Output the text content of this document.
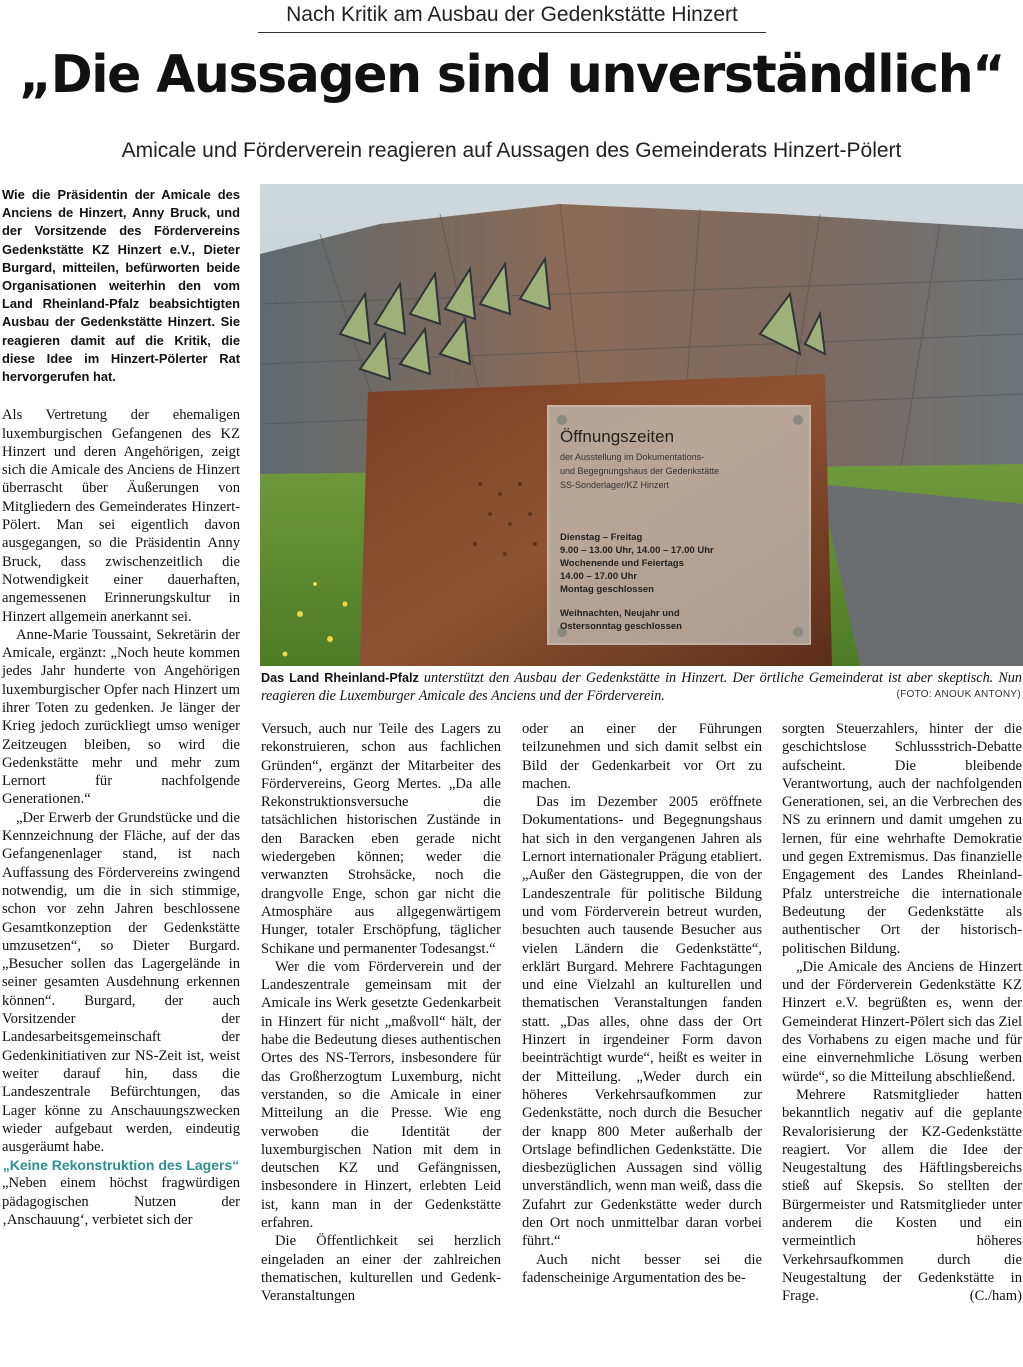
Nach Kritik am Ausbau der Gedenkstätte Hinzert
„Die Aussagen sind unverständlich“
Amicale und Förderverein reagieren auf Aussagen des Gemeinderats Hinzert-Pölert
Öffnungszeiten
der Ausstellung im Dokumentations-
und Begegnungshaus der Gedenkstätte
SS-Sonderlager/KZ Hinzert
Dienstag – Freitag
9.00 – 13.00 Uhr, 14.00 – 17.00 Uhr
Wochenende und Feiertags
14.00 – 17.00 Uhr
Montag geschlossen
Weihnachten, Neujahr und
Ostersonntag geschlossen
Das Land Rheinland-Pfalz unterstützt den Ausbau der Gedenkstätte in Hinzert. Der örtliche Gemeinderat ist aber skeptisch. Nun reagieren die Luxemburger Amicale des Anciens und der Förderverein.	(FOTO: ANOUK ANTONY)

Wie die Präsidentin der Amicale des Anciens de Hinzert, Anny Bruck, und der Vorsitzende des Fördervereins Gedenkstätte KZ Hinzert e.V., Dieter Burgard, mitteilen, befürworten beide Organisationen weiterhin den vom Land Rheinland-Pfalz beabsichtigten Ausbau der Gedenkstätte Hinzert. Sie reagieren damit auf die Kritik, die diese Idee im Hinzert-Pölerter Rat hervorgerufen hat.

Als Vertretung der ehemaligen luxemburgischen Gefangenen des KZ Hinzert und deren Angehörigen, zeigt sich die Amicale des Anciens de Hinzert überrascht über Äußerungen von Mitgliedern des Gemeinderates Hinzert-Pölert. Man sei eigentlich davon ausgegangen, so die Präsidentin Anny Bruck, dass zwischenzeitlich die Notwendigkeit einer dauerhaften, angemessenen Erinnerungskultur in Hinzert allgemein anerkannt sei.

Anne-Marie Toussaint, Sekretärin der Amicale, ergänzt: „Noch heute kommen jedes Jahr hunderte von Angehörigen luxemburgischer Opfer nach Hinzert um ihrer Toten zu gedenken. Je länger der Krieg jedoch zurückliegt umso weniger Zeitzeugen bleiben, so wird die Gedenkstätte mehr und mehr zum Lernort für nachfolgende Generationen.“

„Der Erwerb der Grundstücke und die Kennzeichnung der Fläche, auf der das Gefangenenlager stand, ist nach Auffassung des Fördervereins zwingend notwendig, um die in sich stimmige, schon vor zehn Jahren beschlossene Gesamtkonzeption der Gedenkstätte umzusetzen“, so Dieter Burgard. „Besucher sollen das Lagergelände in seiner gesamten Ausdehnung erkennen können“. Burgard, der auch Vorsitzender der Landesarbeitsgemeinschaft der Gedenkinitiativen zur NS-Zeit ist, weist weiter darauf hin, dass die Landeszentrale Befürchtungen, das Lager könne zu Anschauungszwecken wieder aufgebaut werden, eindeutig ausgeräumt habe.

„Keine Rekonstruktion des Lagers“

„Neben einem höchst fragwürdigen pädagogischen Nutzen der ‚Anschauung‘, verbietet sich der

Versuch, auch nur Teile des Lagers zu rekonstruieren, schon aus fachlichen Gründen“, ergänzt der Mitarbeiter des Fördervereins, Georg Mertes. „Da alle Rekonstruktionsversuche die tatsächlichen historischen Zustände in den Baracken eben gerade nicht wiedergeben können; weder die verwanzten Strohsäcke, noch die drangvolle Enge, schon gar nicht die Atmosphäre aus allgegenwärtigem Hunger, totaler Erschöpfung, täglicher Schikane und permanenter Todesangst.“

Wer die vom Förderverein und der Landeszentrale gemeinsam mit der Amicale ins Werk gesetzte Gedenkarbeit in Hinzert für nicht „maßvoll“ hält, der habe die Bedeutung dieses authentischen Ortes des NS-Terrors, insbesondere für das Großherzogtum Luxemburg, nicht verstanden, so die Amicale in einer Mitteilung an die Presse. Wie eng verwoben die Identität der luxemburgischen Nation mit dem in deutschen KZ und Gefängnissen, insbesondere in Hinzert, erlebten Leid ist, kann man in der Gedenkstätte erfahren.

Die Öffentlichkeit sei herzlich eingeladen an einer der zahlreichen thematischen, kulturellen und Gedenk-Veranstaltungen

oder an einer der Führungen teilzunehmen und sich damit selbst ein Bild der Gedenkarbeit vor Ort zu machen.

Das im Dezember 2005 eröffnete Dokumentations- und Begegnungshaus hat sich in den vergangenen Jahren als Lernort internationaler Prägung etabliert. „Außer den Gästegruppen, die von der Landeszentrale für politische Bildung und vom Förderverein betreut wurden, besuchten auch tausende Besucher aus vielen Ländern die Gedenkstätte“, erklärt Burgard. Mehrere Fachtagungen und eine Vielzahl an kulturellen und thematischen Veranstaltungen fanden statt. „Das alles, ohne dass der Ort Hinzert in irgendeiner Form davon beeinträchtigt wurde“, heißt es weiter in der Mitteilung. „Weder durch ein höheres Verkehrsaufkommen zur Gedenkstätte, noch durch die Besucher der knapp 800 Meter außerhalb der Ortslage befindlichen Gedenkstätte. Die diesbezüglichen Aussagen sind völlig unverständlich, wenn man weiß, dass die Zufahrt zur Gedenkstätte weder durch den Ort noch unmittelbar daran vorbei führt.“

Auch nicht besser sei die fadenscheinige Argumentation des be-

sorgten Steuerzahlers, hinter der die geschichtslose Schlussstrich-Debatte aufscheint. Die bleibende Verantwortung, auch der nachfolgenden Generationen, sei, an die Verbrechen des NS zu erinnern und damit umgehen zu lernen, für eine wehrhafte Demokratie und gegen Extremismus. Das finanzielle Engagement des Landes Rheinland-Pfalz unterstreiche die internationale Bedeutung der Gedenkstätte als authentischer Ort der historisch-politischen Bildung.

„Die Amicale des Anciens de Hinzert und der Förderverein Gedenkstätte KZ Hinzert e.V. begrüßten es, wenn der Gemeinderat Hinzert-Pölert sich das Ziel des Vorhabens zu eigen mache und für eine einvernehmliche Lösung werben würde“, so die Mitteilung abschließend.

Mehrere Ratsmitglieder hatten bekanntlich negativ auf die geplante Revalorisierung der KZ-Gedenkstätte reagiert. Vor allem die Idee der Neugestaltung des Häftlingsbereichs stieß auf Skepsis. So stellten der Bürgermeister und Ratsmitglieder unter anderem die Kosten und ein vermeintlich höheres Verkehrsaufkommen durch die Neugestaltung der Gedenkstätte in Frage.	(C./ham)
